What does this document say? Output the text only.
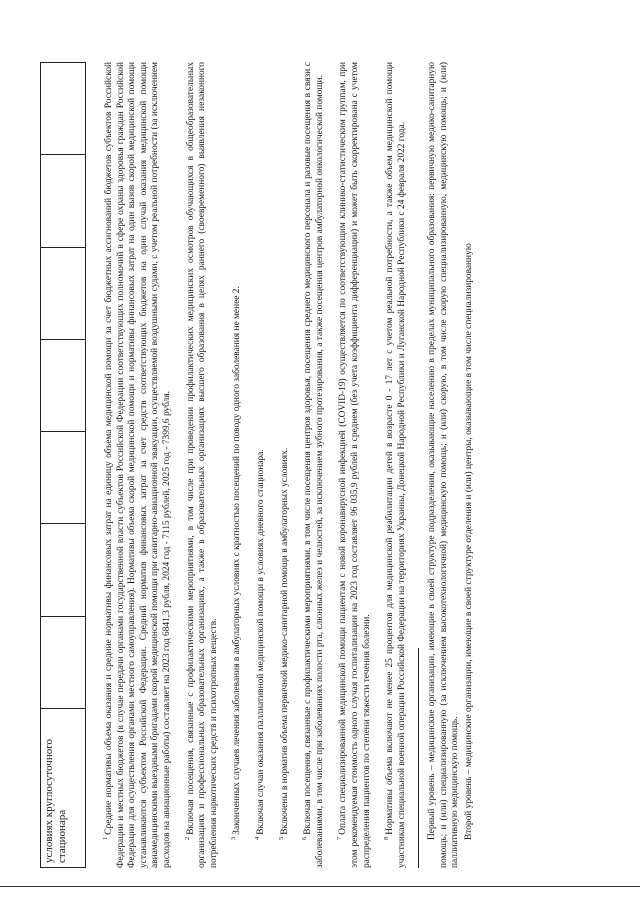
условиях круглосуточного стационара								$^1$Средние нормативы объема оказания и средние нормативы финансовых затрат на единицу объема медицинской помощи за счет бюджетных ассигнований бюджетов субъектов Российской Федерации и местных бюджетов (в случае передачи органами государственной власти субъектов Российской Федерации соответствующих полномочий в сфере охраны здоровья граждан Российской Федерации для осуществления органами местного самоуправления). Нормативы объема скорой медицинской помощи и нормативы финансовых затрат на один вызов скорой медицинской помощи устанавливаются субъектом Российской Федерации. Средний норматив финансовых затрат за счет средств соответствующих бюджетов на один случай оказания медицинской помощи авиамедицинскими выездными бригадами скорой медицинской помощи при санитарно-авиационной эвакуации, осуществляемой воздушными судами, с учетом реальной потребности (за исключением расходов на авиационные работы) составляет на 2023 год 6841,3 рубля, 2024 год - 7115 рублей, 2025 год - 7399,6 рубля.	$^2$Включая посещения, связанные с профилактическими мероприятиями, в том числе при проведении профилактических медицинских осмотров обучающихся в общеобразовательных организациях и профессиональных образовательных организациях, а также в образовательных организациях высшего образования в целях раннего (своевременного) выявления незаконного потребления наркотических средств и психотропных веществ.	$^3$Законченных случаев лечения заболевания в амбулаторных условиях с кратностью посещений по поводу одного заболевания не менее 2.

$^4$Включая случаи оказания паллиативной медицинской помощи в условиях дневного стационара.

$^5$Включены в норматив объема первичной медико-санитарной помощи в амбулаторных условиях.

$^6$Включая посещения, связанные с профилактическими мероприятиями, в том числе посещения центров здоровья, посещения среднего медицинского персонала и разовые посещения в связи с заболеваниями, в том числе при заболеваниях полости рта, слюнных желез и челюстей, за исключением зубного протезирования, а также посещения центров амбулаторной онкологической помощи.	$^7$Оплата специализированной медицинской помощи пациентам с новой коронавирусной инфекцией (COVID-19) осуществляется по соответствующим клинико-статистическим группам, при этом рекомендуемая стоимость одного случая госпитализации на 2023 год составляет 96 035,9 рублей в среднем (без учета коэффициента дифференциации) и может быть скорректирована с учетом распределения пациентов по степени тяжести течения болезни.	$^8$Нормативы объема включают не менее 25 процентов для медицинской реабилитации детей в возрасте 0 - 17 лет с учетом реальной потребности, а также объем медицинской помощи участникам специальной военной операции Российской Федерации на территориях Украины, Донецкой Народной Республики и Луганской Народной Республики с 24 февраля 2022 года. Первый уровень – медицинские организации, имеющие в своей структуре подразделения, оказывающие населению в пределах муниципального образования: первичную медико-санитарную помощь; и (или) специализированную (за исключением высокотехнологичной) медицинскую помощь; и (или) скорую, в том числе скорую специализированную, медицинскую помощь; и (или) паллиативную медицинскую помощь. Второй уровень – медицинские организации, имеющие в своей структуре отделения и (или) центры, оказывающие в том числе специализированную
